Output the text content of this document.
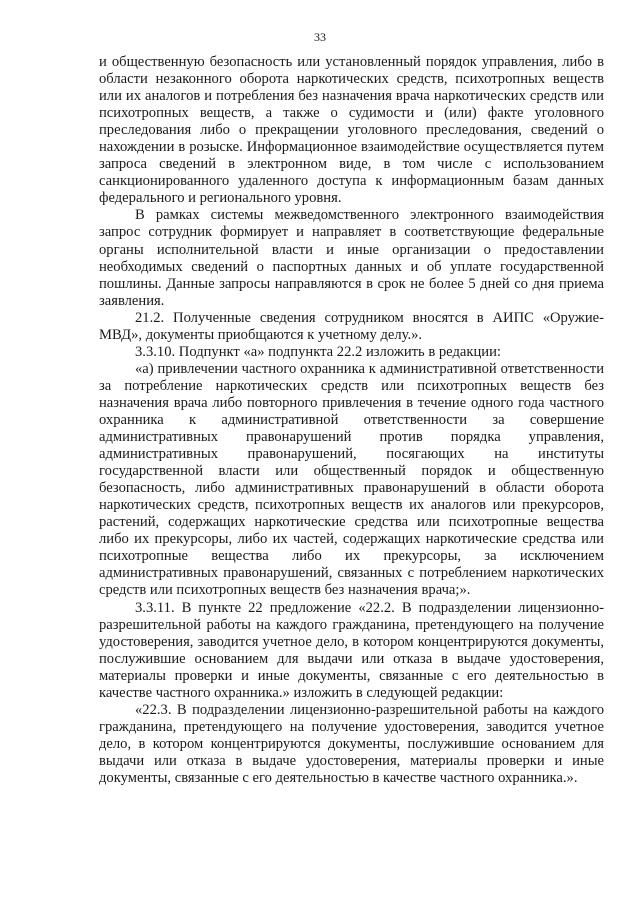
33

и общественную безопасность или установленный порядок управления, либо в области незаконного оборота наркотических средств, психотропных веществ или их аналогов и потребления без назначения врача наркотических средств или психотропных веществ, а также о судимости и (или) факте уголовного преследования либо о прекращении уголовного преследования, сведений о нахождении в розыске. Информационное взаимодействие осуществляется путем запроса сведений в электронном виде, в том числе с использованием санкционированного удаленного доступа к информационным базам данных федерального и регионального уровня.

В рамках системы межведомственного электронного взаимодействия запрос сотрудник формирует и направляет в соответствующие федеральные органы исполнительной власти и иные организации о предоставлении необходимых сведений о паспортных данных и об уплате государственной пошлины. Данные запросы направляются в срок не более 5 дней со дня приема заявления.

21.2. Полученные сведения сотрудником вносятся в АИПС «Оружие-МВД», документы приобщаются к учетному делу.».

3.3.10. Подпункт «а» подпункта 22.2 изложить в редакции:

«а) привлечении частного охранника к административной ответственности за потребление наркотических средств или психотропных веществ без назначения врача либо повторного привлечения в течение одного года частного охранника к административной ответственности за совершение административных правонарушений против порядка управления, административных правонарушений, посягающих на институты государственной власти или общественный порядок и общественную безопасность, либо административных правонарушений в области оборота наркотических средств, психотропных веществ их аналогов или прекурсоров, растений, содержащих наркотические средства или психотропные вещества либо их прекурсоры, либо их частей, содержащих наркотические средства или психотропные вещества либо их прекурсоры, за исключением административных правонарушений, связанных с потреблением наркотических средств или психотропных веществ без назначения врача;».

3.3.11. В пункте 22 предложение «22.2. В подразделении лицензионно-разрешительной работы на каждого гражданина, претендующего на получение удостоверения, заводится учетное дело, в котором концентрируются документы, послужившие основанием для выдачи или отказа в выдаче удостоверения, материалы проверки и иные документы, связанные с его деятельностью в качестве частного охранника.» изложить в следующей редакции:

«22.3. В подразделении лицензионно-разрешительной работы на каждого гражданина, претендующего на получение удостоверения, заводится учетное дело, в котором концентрируются документы, послужившие основанием для выдачи или отказа в выдаче удостоверения, материалы проверки и иные документы, связанные с его деятельностью в качестве частного охранника.».
